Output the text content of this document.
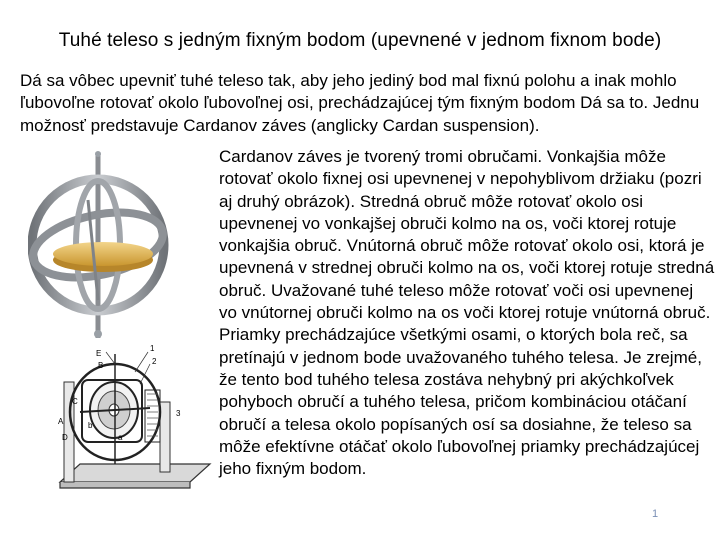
Tuhé teleso s jedným fixným bodom (upevnené v jednom fixnom bode)
Dá sa vôbec upevniť tuhé teleso tak, aby jeho jediný bod mal fixnú polohu a inak mohlo ľubovoľne rotovať okolo ľubovoľnej osi, prechádzajúcej tým fixným bodom Dá sa to. Jednu možnosť predstavuje Cardanov záves (anglicky Cardan suspension).
E
B
C
A
D
b
a
1
2
3
Cardanov záves je tvorený tromi obručami. Vonkajšia môže rotovať okolo fixnej osi upevnenej v nepohyblivom držiaku (pozri aj druhý obrázok). Stredná obruč môže rotovať okolo osi upevnenej vo vonkajšej obruči kolmo na os, voči ktorej rotuje vonkajšia obruč. Vnútorná obruč môže rotovať okolo osi, ktorá je upevnená v strednej obruči kolmo na os, voči ktorej rotuje stredná obruč. Uvažované tuhé teleso môže rotovať voči osi upevnenej vo vnútornej obruči kolmo na os voči ktorej rotuje vnútorná obruč. Priamky prechádzajúce všetkými osami, o ktorých bola reč, sa pretínajú v jednom bode uvažovaného tuhého telesa. Je zrejmé, že tento bod tuhého telesa zostáva nehybný pri akýchkoľvek pohyboch obručí a tuhého telesa, pričom kombináciou otáčaní obručí a telesa okolo popísaných osí sa dosiahne, že teleso sa môže efektívne otáčať okolo ľubovoľnej priamky prechádzajúcej jeho fixným bodom.
1
